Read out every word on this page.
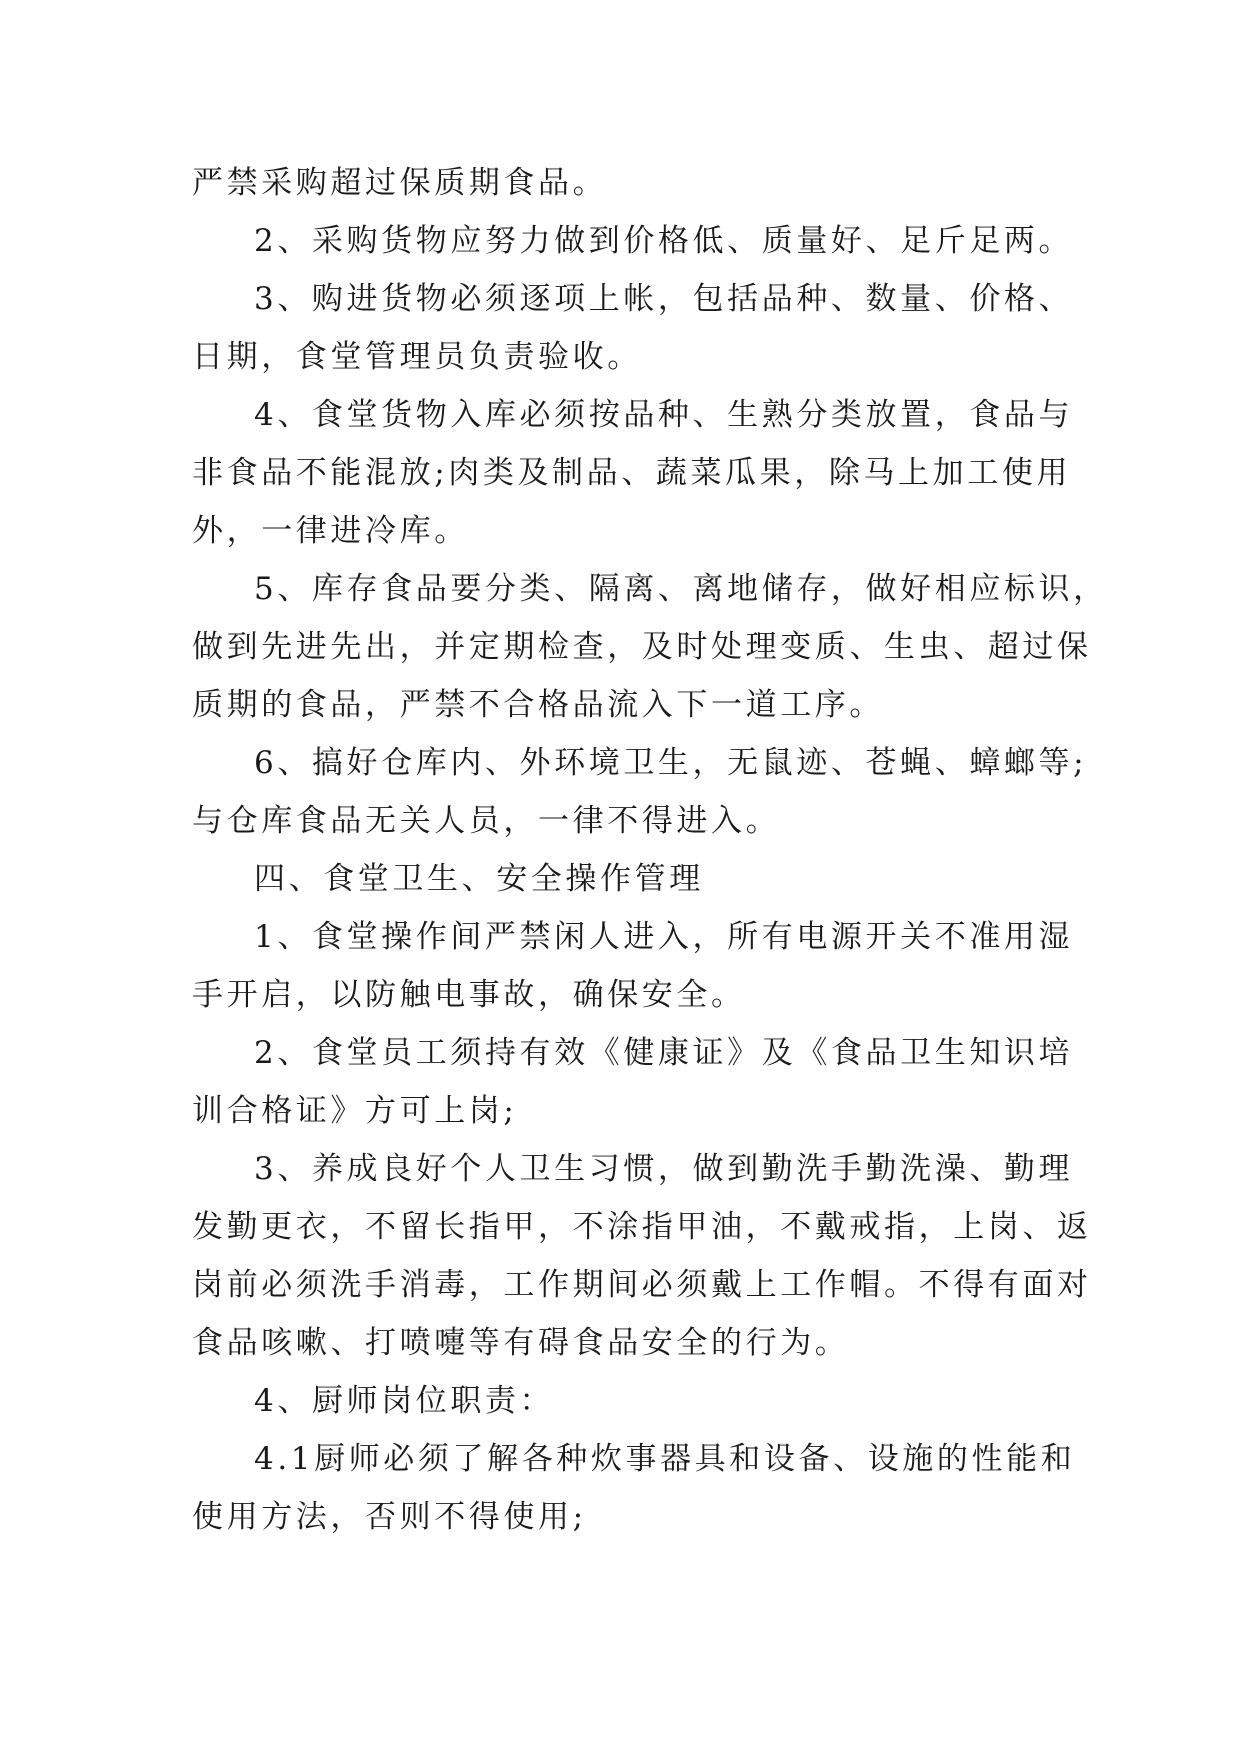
严禁采购超过保质期食品。
2、采购货物应努力做到价格低、质量好、足斤足两。
3、购进货物必须逐项上帐，包括品种、数量、价格、
日期，食堂管理员负责验收。
4、食堂货物入库必须按品种、生熟分类放置，食品与
非食品不能混放;肉类及制品、蔬菜瓜果，除马上加工使用
外，一律进冷库。
5、库存食品要分类、隔离、离地储存，做好相应标识，
做到先进先出，并定期检查，及时处理变质、生虫、超过保
质期的食品，严禁不合格品流入下一道工序。
6、搞好仓库内、外环境卫生，无鼠迹、苍蝇、蟑螂等;
与仓库食品无关人员，一律不得进入。
四、食堂卫生、安全操作管理
1、食堂操作间严禁闲人进入，所有电源开关不准用湿
手开启，以防触电事故，确保安全。
2、食堂员工须持有效《健康证》及《食品卫生知识培
训合格证》方可上岗;
3、养成良好个人卫生习惯，做到勤洗手勤洗澡、勤理
发勤更衣，不留长指甲，不涂指甲油，不戴戒指，上岗、返
岗前必须洗手消毒，工作期间必须戴上工作帽。不得有面对
食品咳嗽、打喷嚏等有碍食品安全的行为。
4、厨师岗位职责：
4.1厨师必须了解各种炊事器具和设备、设施的性能和
使用方法，否则不得使用;
